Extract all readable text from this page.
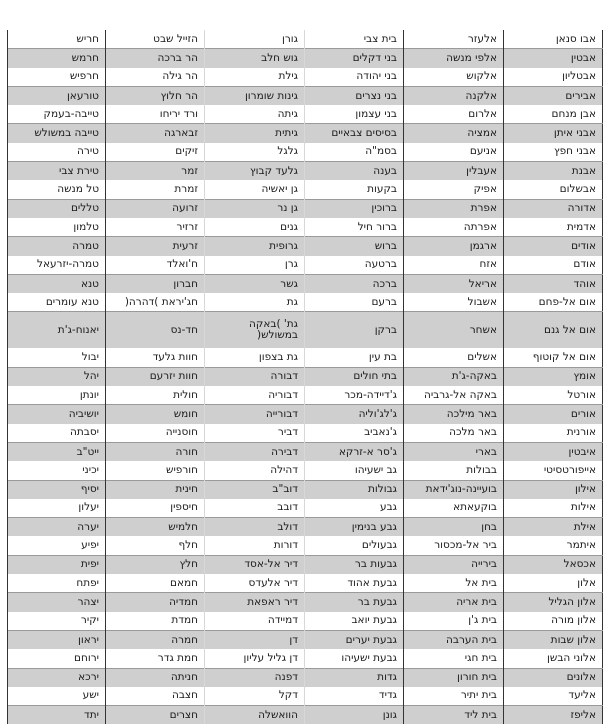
אבו סנאן	אלעזר	בית צבי	גורן	הזייל שבט	חריש
אבטין	אלפי מנשה	בני דקלים	גוש חלב	הר ברכה	חרמש
אבטליון	אלקוש	בני יהודה	גילת	הר גילה	חרפיש
אבירים	אלקנה	בני נצרים	גינות שומרון	הר חלוץ	טורעאן
אבן מנחם	אלרום	בני עצמון	גיתה	ורד יריחו	טייבה-בעמק
אבני איתן	אמציה	בסיסים צבאיים	גיתית	זבארגה	טייבה במשולש
אבני חפץ	אניעם	בסמ"ה	גלגל	זיקים	טירה
אבנת	אעבלין	בענה	גלעד קבוץ	זמר	טירת צבי
אבשלום	אפיק	בקעות	גן יאשיה	זמרת	טל מנשה
אדורה	אפרת	ברוכין	גן נר	זרועה	טללים
אדמית	אפרתה	ברור חיל	גנים	זרזיר	טלמון
אודים	ארגמן	ברוש	גרופית	זרעית	טמרה
אודם	אזח	ברטעה	גרן	ח'ואלד	טמרה-יזרעאל
אוהד	אריאל	ברכה	גשר	חברון	טנא
אום אל-פחם	אשבול	ברעם	גת	חג'יראת )דהרה(	טנא עומרים
אום אל גנם	אשחר	ברקן	גת' )באקה במשולש(	חד-נס	יאנוח-ג'ת
אום אל קוטוף	אשלים	בת עין	גת בצפון	חוות גלעד	יבול
אומץ	באקה-ג'ת	בתי חולים	דבורה	חוות יזרעם	יהל
אורטל	באקה אל-גרביה	ג'דיידה-מכר	דבוריה	חולית	יונתן
אורים	באר מילכה	ג'לג'וליה	דבורייה	חומש	יושיביה
אורנית	באר מלכה	ג'נאביב	דביר	חוסנייה	יסבתה
איבטין	בארי	ג'סר א-זרקא	דבירה	חורה	ייט"ב
אייפורטסיטי	בבולות	גב ישעיהו	דהילה	חורפיש	יכיני
אילון	בועיינה-נוג'ידאת	גבולות	דוב"ב	חינית	יסיף
אילות	בוקעאתא	גבע	דובב	חיספין	יעלון
אילת	בחן	גבע בנימין	דולב	חלמיש	יערה
איתמר	ביר אל-מכסור	גבעולים	דורות	חלף	יפיע
אכסאל	בירייה	גבעות בר	דיר אל-אסד	חלץ	יפית
אלון	בית אל	גבעת אהוד	דיר אלעדס	חמאם	יפתח
אלון הגליל	בית אריה	גבעת בר	דיר ראפאת	חמדיה	יצהר
אלון מורה	בית ג'ן	גבעת יואב	דמיידה	חמדת	יקיר
אלון שבות	בית הערבה	גבעת יערים	דן	חמרה	יראון
אלוני הבשן	בית חגי	גבעת ישעיהו	דן גליל עליון	חמת גדר	ירוחם
אלונים	בית חורון	גדות	דפנה	חניתה	ירכא
אליעד	בית יתיר	גדיד	דקל	חצבה	ישע
אליפז	בית ליד	גונן	הוואשלה	חצרים	יתד
